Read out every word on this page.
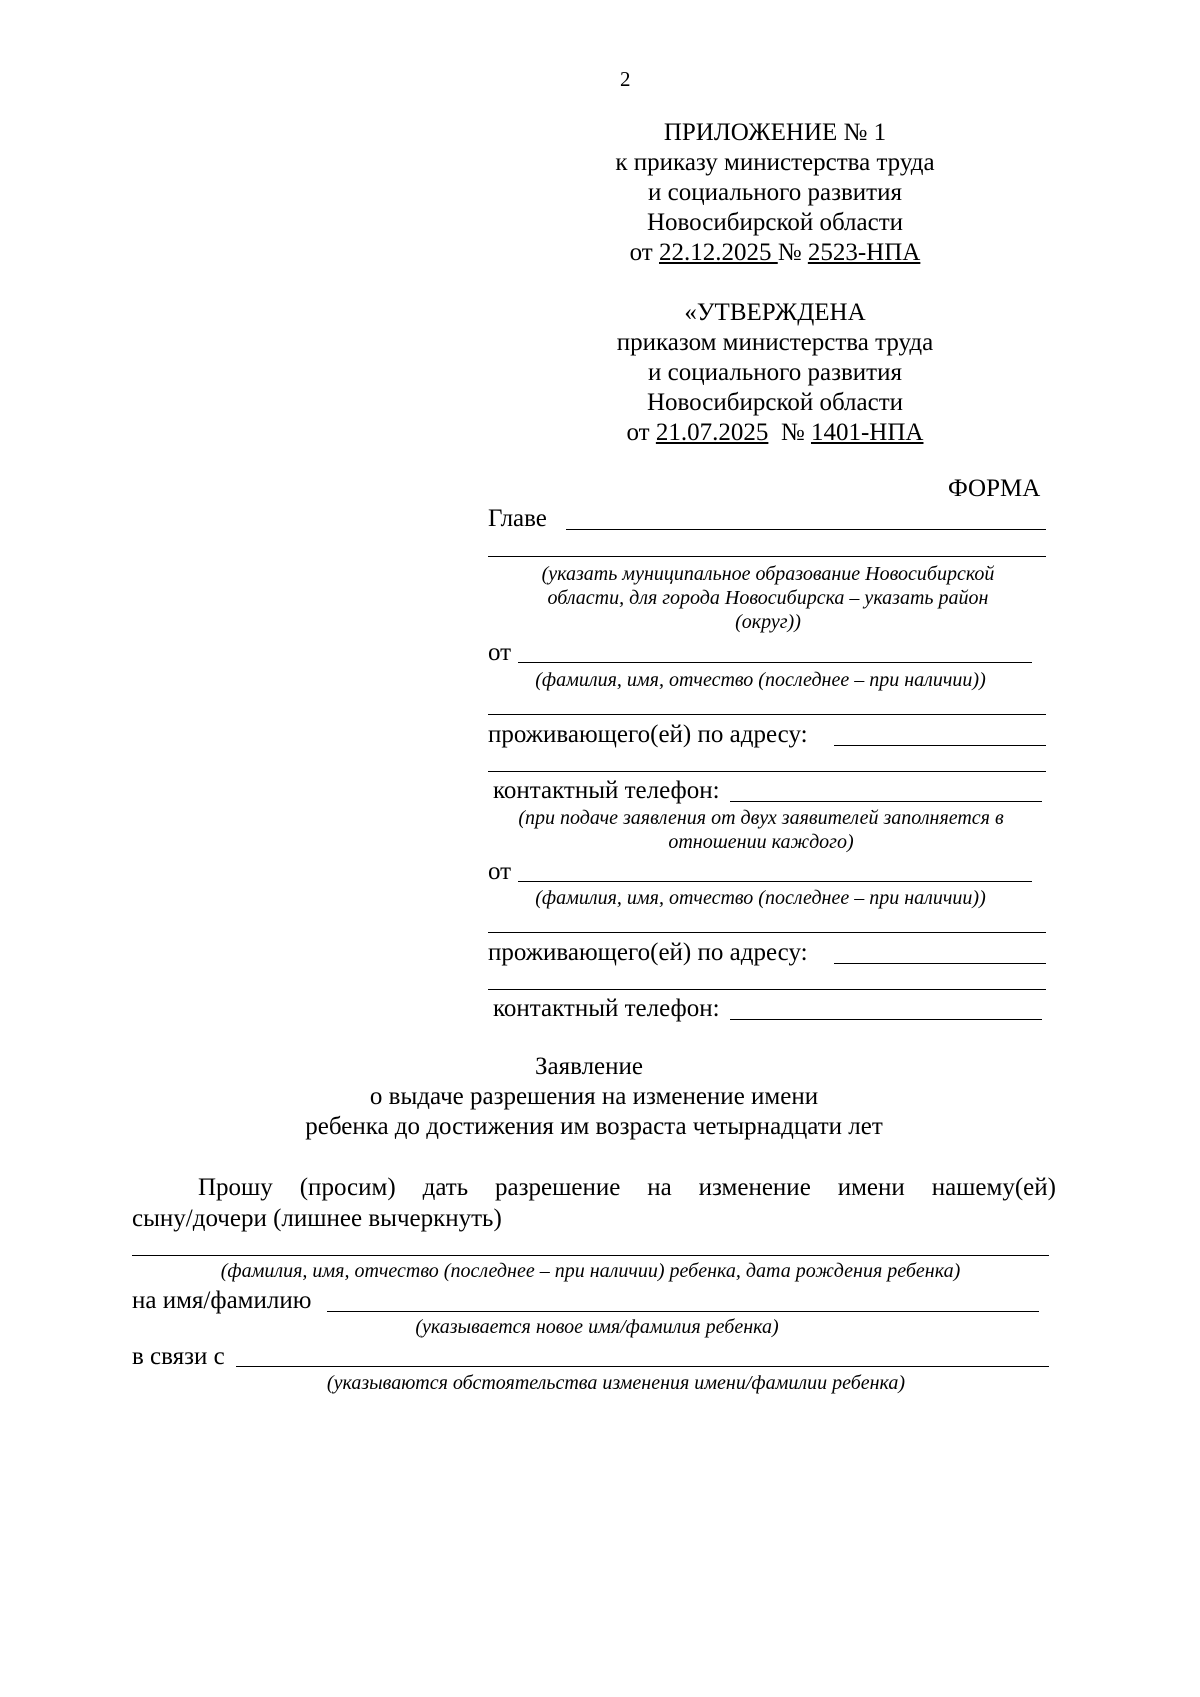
2
ПРИЛОЖЕНИЕ № 1
к приказу министерства труда
и социального развития
Новосибирской области
от 22.12.2025 № 2523-НПА
«УТВЕРЖДЕНА
приказом министерства труда
и социального развития
Новосибирской области
от 21.07.2025  № 1401-НПА
ФОРМА
Главе
(указать муниципальное образование Новосибирской
области, для города Новосибирска – указать район
(округ))
от
(фамилия, имя, отчество (последнее – при наличии))
проживающего(ей) по адресу:
контактный телефон:
(при подаче заявления от двух заявителей заполняется в
отношении каждого)
от
(фамилия, имя, отчество (последнее – при наличии))
проживающего(ей) по адресу:
контактный телефон:
Заявление
о выдаче разрешения на изменение имени
ребенка до достижения им возраста четырнадцати лет
Прошу (просим) дать разрешение на изменение имени нашему(ей)
сыну/дочери (лишнее вычеркнуть)
(фамилия, имя, отчество (последнее – при наличии) ребенка, дата рождения ребенка)
на имя/фамилию
(указывается новое имя/фамилия ребенка)
в связи с
(указываются обстоятельства изменения имени/фамилии ребенка)
